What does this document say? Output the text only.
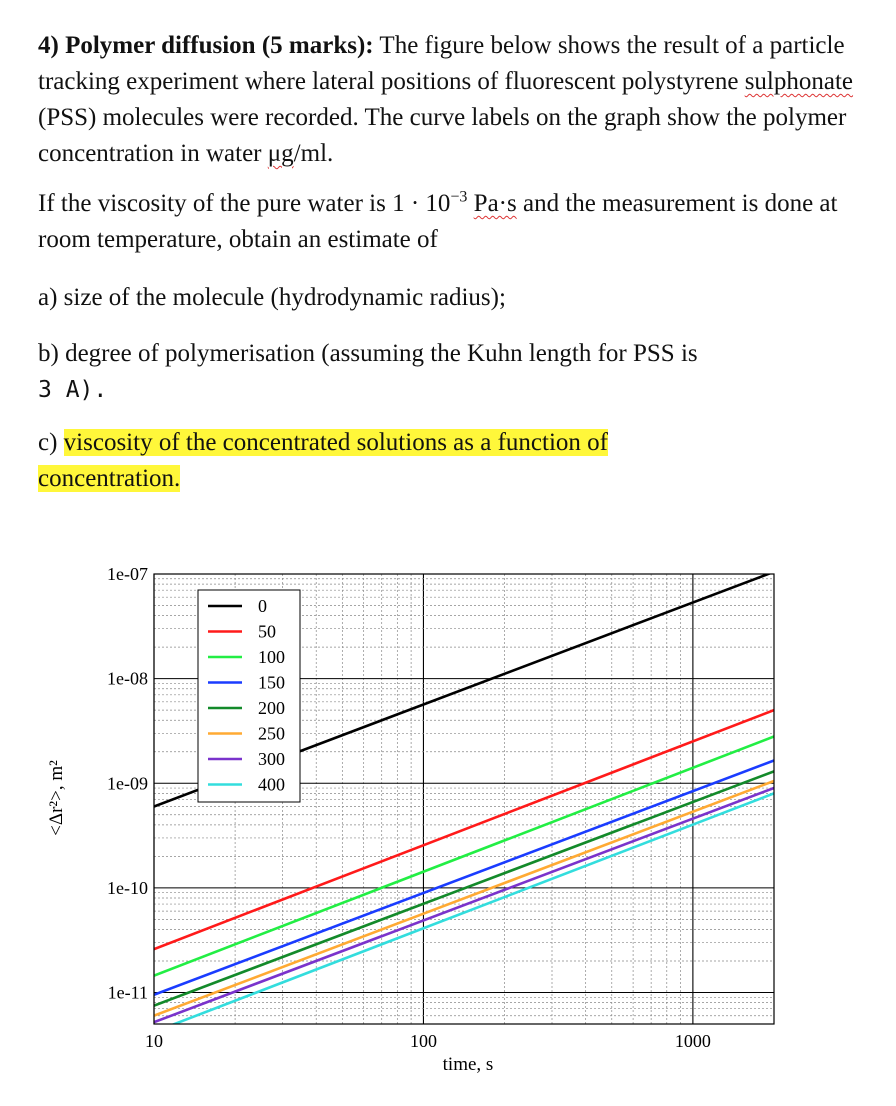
4) Polymer diffusion (5 marks): The figure below shows the result of a particle tracking experiment where lateral positions of fluorescent polystyrene sulphonate (PSS) molecules were recorded. The curve labels on the graph show the polymer concentration in water μg/ml.
If the viscosity of the pure water is $1 \cdot 10^{-3}$ Pa·s and the measurement is done at room temperature, obtain an estimate of
a) size of the molecule (hydrodynamic radius);
b) degree of polymerisation (assuming the Kuhn length for PSS is
3 A).
c) viscosity of the concentrated solutions as a function of
concentration.
10	100	1000
1e-07
1e-08
1e-09
1e-10
1e-11
0
50
100
150
200
250
300
400
time, s
<Δr²>, m²
